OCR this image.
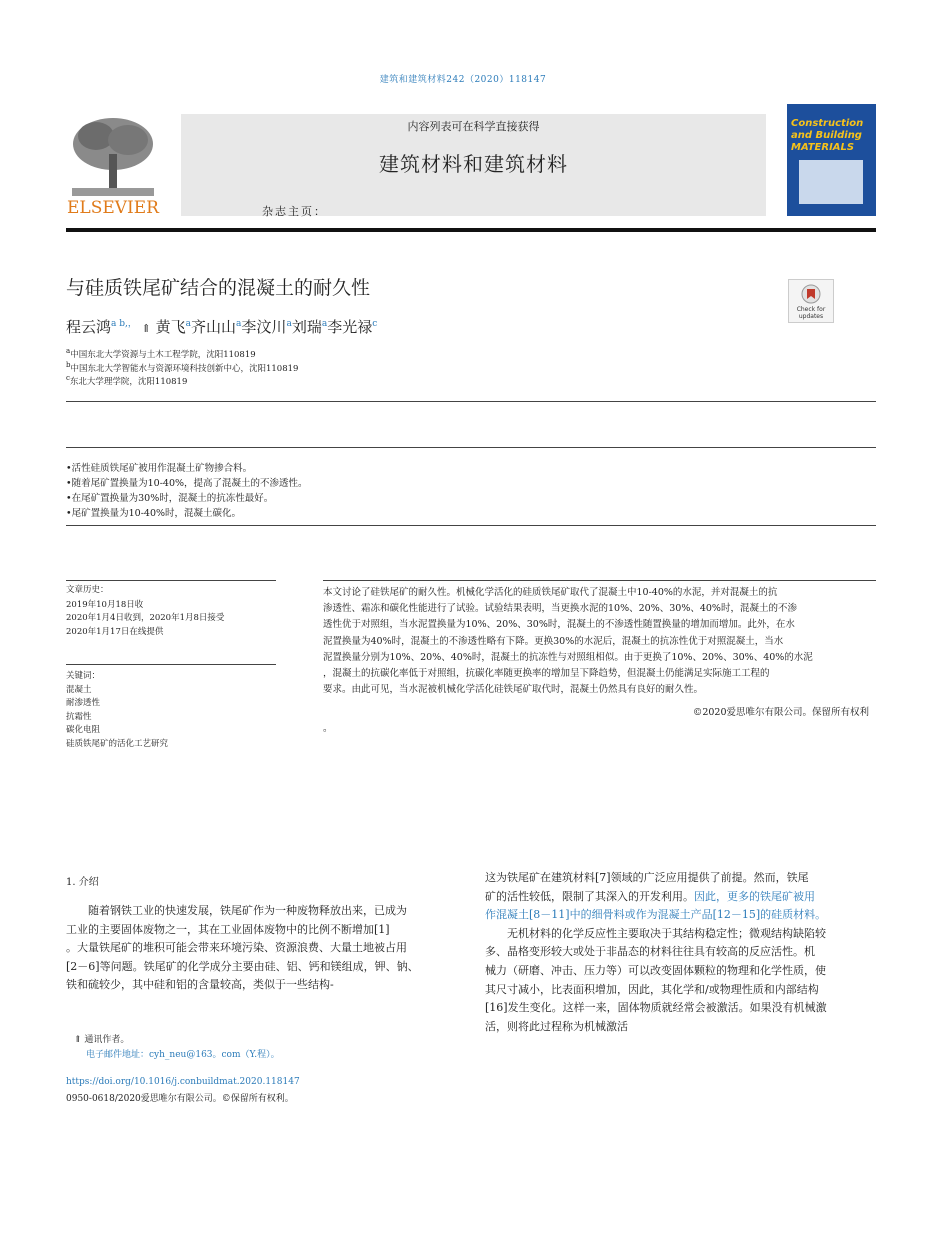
建筑和建筑材料242（2020）118147
ELSEVIER
内容列表可在科学直接获得
建筑材料和建筑材料
杂志主页：
Construction and Building MATERIALS
与硅质铁尾矿结合的混凝土的耐久性
Check for
updates
程云鸿$^{a b,,}$ ⇑ 黄飞$^a$齐山山$^a$李汶川$^a$刘瑞$^a$李光禄$^c$
$^a$中国东北大学资源与土木工程学院，沈阳110819
$^b$中国东北大学智能水与资源环境科技创新中心，沈阳110819
$^c$东北大学理学院，沈阳110819
•活性硅质铁尾矿被用作混凝土矿物掺合料。
•随着尾矿置换量为10-40%，提高了混凝土的不渗透性。
•在尾矿置换量为30%时，混凝土的抗冻性最好。
•尾矿置换量为10-40%时，混凝土碳化。
文章历史：
2019年10月18日收
2020年1月4日收到，2020年1月8日接受
2020年1月17日在线提供
关键词：
混凝土
耐渗透性
抗霜性
碳化电阻
硅质铁尾矿的活化工艺研究
本文讨论了硅铁尾矿的耐久性。机械化学活化的硅质铁尾矿取代了混凝土中10-40%的水泥，并对混凝土的抗
渗透性、霜冻和碳化性能进行了试验。试验结果表明，当更换水泥的10%、20%、30%、40%时，混凝土的不渗
透性优于对照组，当水泥置换量为10%、20%、30%时，混凝土的不渗透性随置换量的增加而增加。此外，在水
泥置换量为40%时，混凝土的不渗透性略有下降。更换30%的水泥后，混凝土的抗冻性优于对照混凝土，当水
泥置换量分别为10%、20%、40%时，混凝土的抗冻性与对照组相似。由于更换了10%、20%、30%、40%的水泥
，混凝土的抗碳化率低于对照组，抗碳化率随更换率的增加呈下降趋势，但混凝土仍能满足实际施工工程的
要求。由此可见，当水泥被机械化学活化硅铁尾矿取代时，混凝土仍然具有良好的耐久性。
©2020爱思唯尔有限公司。保留所有权利
。
1. 介绍
　　随着钢铁工业的快速发展，铁尾矿作为一种废物释放出来，已成为
工业的主要固体废物之一，其在工业固体废物中的比例不断增加[1]
。大量铁尾矿的堆积可能会带来环境污染、资源浪费、大量土地被占用
[2－6]等问题。铁尾矿的化学成分主要由硅、铝、钙和镁组成，钾、钠、
铁和硫较少，其中硅和铝的含量较高，类似于一些结构-
这为铁尾矿在建筑材料[7]领域的广泛应用提供了前提。然而，铁尾
矿的活性较低，限制了其深入的开发利用。因此，更多的铁尾矿被用
作混凝土[8－11]中的细骨料或作为混凝土产品[12－15]的硅质材料。
　　无机材料的化学反应性主要取决于其结构稳定性；微观结构缺陷较
多、晶格变形较大或处于非晶态的材料往往具有较高的反应活性。机
械力（研磨、冲击、压力等）可以改变固体颗粒的物理和化学性质，使
其尺寸减小，比表面积增加，因此，其化学和/或物理性质和内部结构
[16]发生变化。这样一来，固体物质就经常会被激活。如果没有机械激
活，则将此过程称为机械激活
⇑ 通讯作者。
电子邮件地址：cyh_neu@163。com（Y.程）。
https://doi.org/10.1016/j.conbuildmat.2020.118147
0950-0618/2020爱思唯尔有限公司。©保留所有权利。
